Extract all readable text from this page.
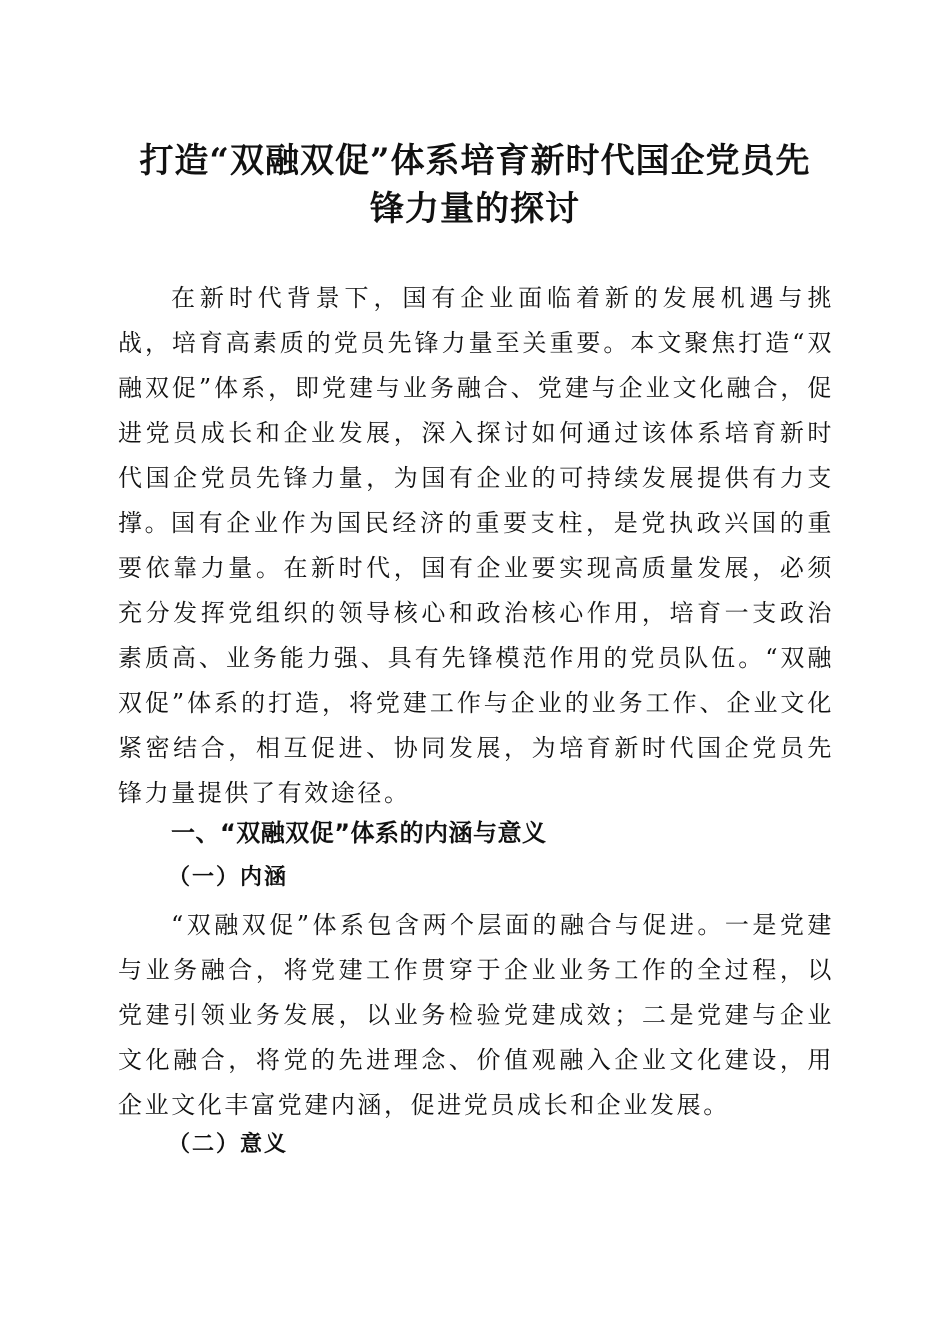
打造“双融双促”体系培育新时代国企党员先
锋力量的探讨

在新时代背景下，国有企业面临着新的发展机遇与挑战，培育高素质的党员先锋力量至关重要。本文聚焦打造“双融双促”体系，即党建与业务融合、党建与企业文化融合，促进党员成长和企业发展，深入探讨如何通过该体系培育新时代国企党员先锋力量，为国有企业的可持续发展提供有力支撑。 国有企业作为国民经济的重要支柱，是党执政兴国的重要依靠力量。在新时代，国有企业要实现高质量发展，必须充分发挥党组织的领导核心和政治核心作用，培育一支政治素质高、业务能力强、具有先锋模范作用的党员队伍。“双融双促”体系的打造，将党建工作与企业的业务工作、企业文化紧密结合，相互促进、协同发展，为培育新时代国企党员先锋力量提供了有效途径。

一、“双融双促”体系的内涵与意义
（一）内涵

“双融双促”体系包含两个层面的融合与促进。一是党建与业务融合，将党建工作贯穿于企业业务工作的全过程，以党建引领业务发展，以业务检验党建成效；二是党建与企业文化融合，将党的先进理念、价值观融入企业文化建设，用企业文化丰富党建内涵，促进党员成长和企业发展。

（二）意义
